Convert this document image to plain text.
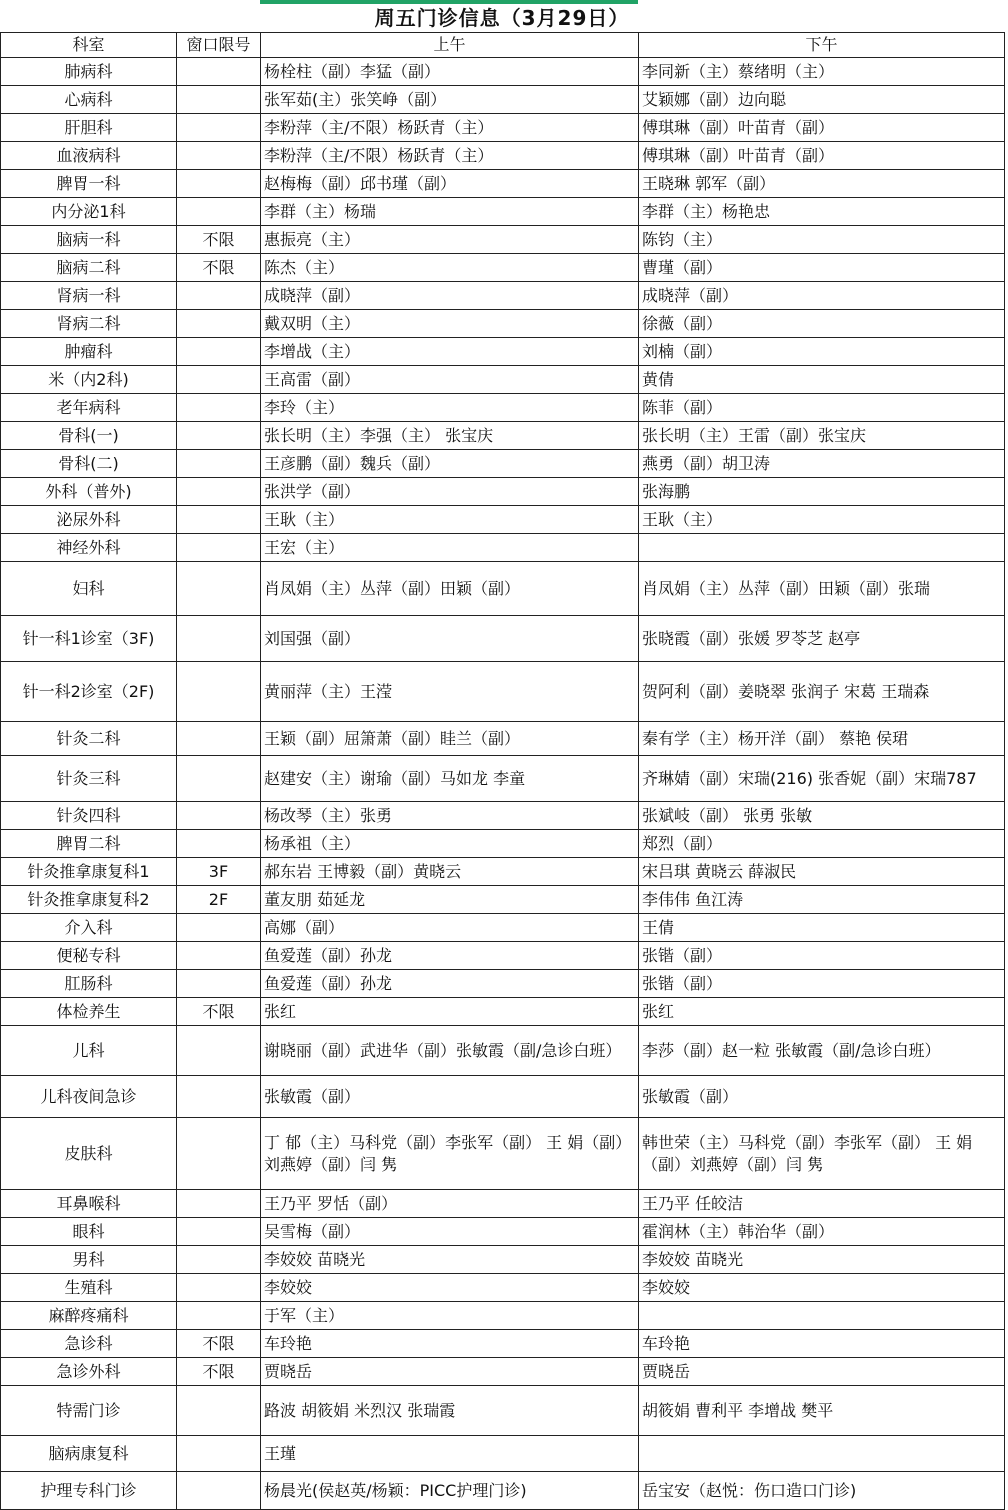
周五门诊信息（3月29日）
科室	窗口限号	上午	下午
肺病科		杨栓柱（副）李猛（副）	李同新（主）蔡绪明（主）
心病科		张军茹(主）张笑峥（副）	艾颖娜（副）边向聪
肝胆科		李粉萍（主/不限）杨跃青（主）	傅琪琳（副）叶苗青（副）
血液病科		李粉萍（主/不限）杨跃青（主）	傅琪琳（副）叶苗青（副）
脾胃一科		赵梅梅（副）邱书瑾（副）	王晓琳 郭军（副）
内分泌1科		李群（主）杨瑞	李群（主）杨艳忠
脑病一科	不限	惠振亮（主）	陈钧（主）
脑病二科	不限	陈杰（主）	曹瑾（副）
肾病一科		成晓萍（副）	成晓萍（副）
肾病二科		戴双明（主）	徐薇（副）
肿瘤科		李增战（主）	刘楠（副）
米（内2科)		王高雷（副）	黄倩
老年病科		李玲（主）	陈菲（副）
骨科(一)		张长明（主）李强（主） 张宝庆	张长明（主）王雷（副）张宝庆
骨科(二)		王彦鹏（副）魏兵（副）	燕勇（副）胡卫涛
外科（普外)		张洪学（副）	张海鹏
泌尿外科		王耿（主）	王耿（主）
神经外科		王宏（主）	
妇科		肖凤娟（主）丛萍（副）田颖（副）	肖凤娟（主）丛萍（副）田颖（副）张瑞
针一科1诊室（3F)		刘国强（副）	张晓霞（副）张媛 罗苓芝 赵亭
针一科2诊室（2F)		黄丽萍（主）王滢	贺阿利（副）姜晓翠 张润子 宋葛 王瑞森
针灸二科		王颖（副）屈箫萧（副）眭兰（副）	秦有学（主）杨开洋（副） 蔡艳 侯珺
针灸三科		赵建安（主）谢瑜（副）马如龙 李童	齐琳婧（副）宋瑞(216) 张香妮（副）宋瑞787
针灸四科		杨改琴（主）张勇	张斌岐（副） 张勇 张敏
脾胃二科		杨承祖（主）	郑烈（副）
针灸推拿康复科1	3F	郝东岩 王博毅（副）黄晓云	宋吕琪 黄晓云 薛淑民
针灸推拿康复科2	2F	董友朋 茹延龙	李伟伟 鱼江涛
介入科		高娜（副）	王倩
便秘专科		鱼爱莲（副）孙龙	张锴（副）
肛肠科		鱼爱莲（副）孙龙	张锴（副）
体检养生	不限	张红	张红
儿科		谢晓丽（副）武进华（副）张敏霞（副/急诊白班）	李莎（副）赵一粒 张敏霞（副/急诊白班）
儿科夜间急诊		张敏霞（副）	张敏霞（副）
皮肤科		丁 郁（主）马科党（副）李张军（副） 王 娟（副）刘燕婷（副）闫 隽	韩世荣（主）马科党（副）李张军（副） 王 娟（副）刘燕婷（副）闫 隽
耳鼻喉科		王乃平 罗恬（副）	王乃平 任皎洁
眼科		吴雪梅（副）	霍润林（主）韩治华（副）
男科		李姣姣 苗晓光	李姣姣 苗晓光
生殖科		李姣姣	李姣姣
麻醉疼痛科		于军（主）	
急诊科	不限	车玲艳	车玲艳
急诊外科	不限	贾晓岳	贾晓岳
特需门诊		路波 胡筱娟 米烈汉 张瑞霞	胡筱娟 曹利平 李增战 樊平
脑病康复科		王瑾	
护理专科门诊		杨晨光(侯赵英/杨颖：PICC护理门诊)	岳宝安（赵悦：伤口造口门诊)
